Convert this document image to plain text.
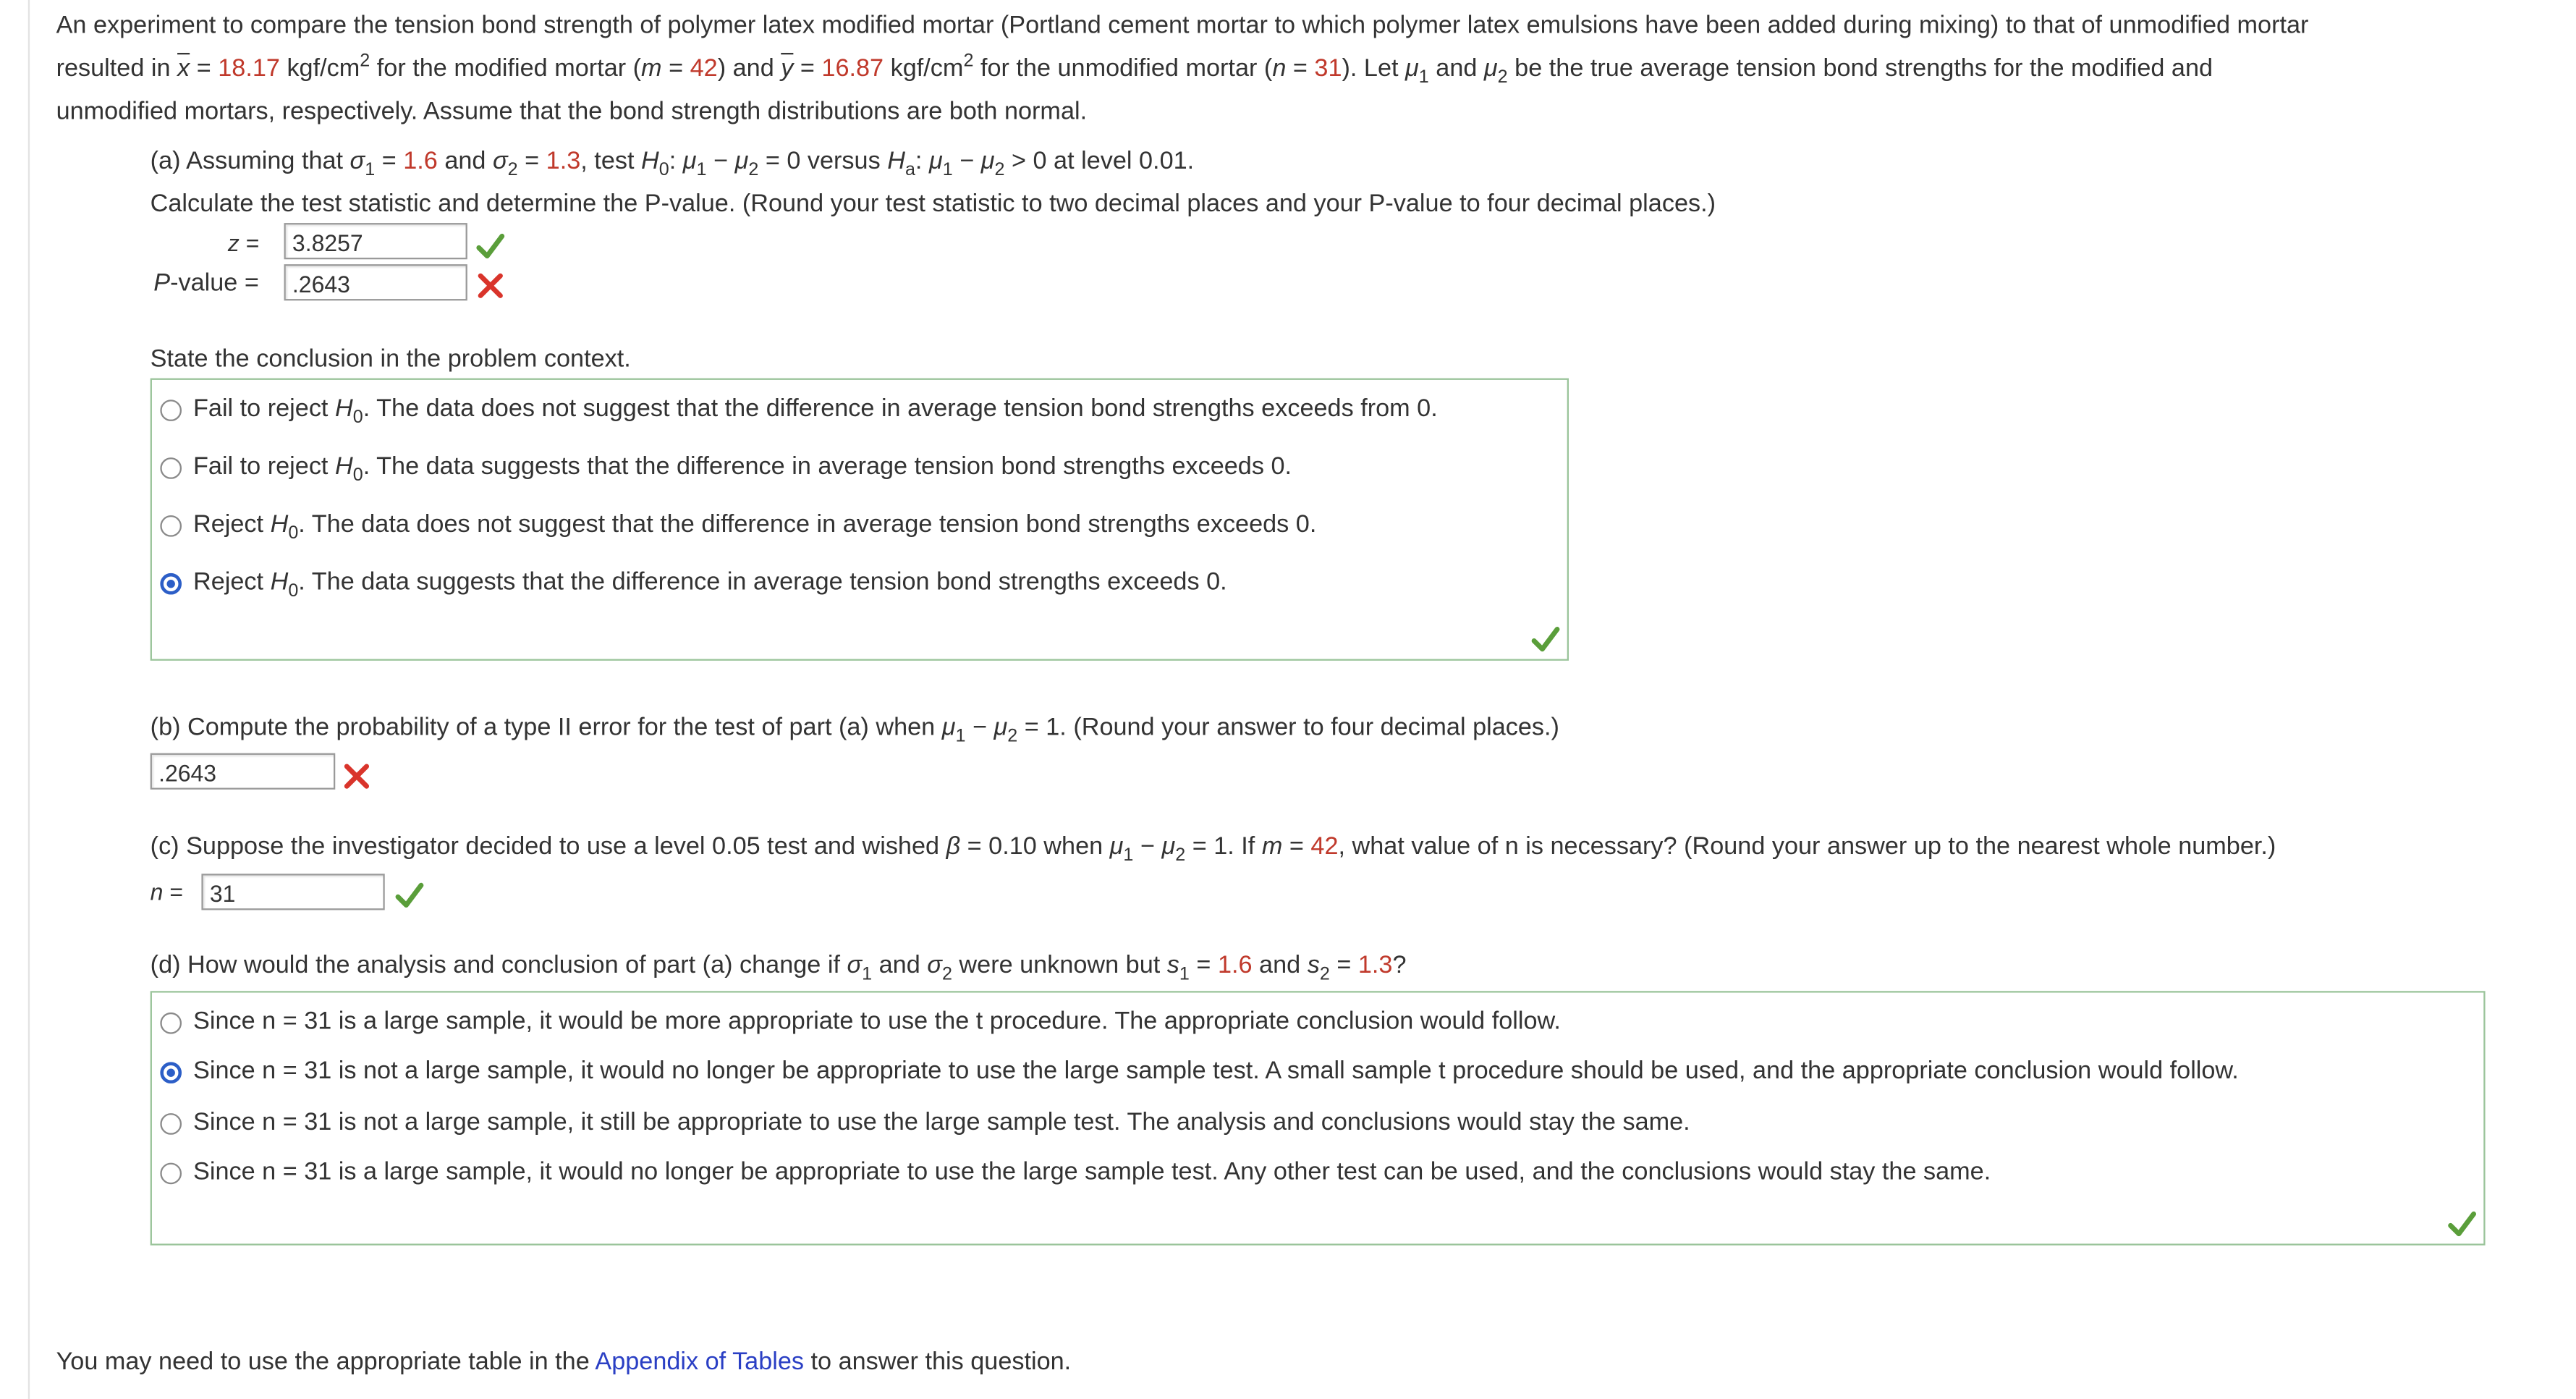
An experiment to compare the tension bond strength of polymer latex modified mortar (Portland cement mortar to which polymer latex emulsions have been added during mixing) to that of unmodified mortar
resulted in $\overline{x} = 18.17$ kgf/$cm^2$ for the modified mortar (m = 42) and $\overline{y} = 16.87$ kgf/$cm^2$ for the unmodified mortar (n = 31). Let $\mu_1$ and $\mu_2$ be the true average tension bond strengths for the modified and
unmodified mortars, respectively. Assume that the bond strength distributions are both normal.
(a) Assuming that $\sigma_1 = 1.6$ and $\sigma_2 = 1.3$, test $H_0$: $\mu_1 - \mu_2 = 0$ versus $H_a$: $\mu_1 - \mu_2 > 0$ at level 0.01.
Calculate the test statistic and determine the P-value. (Round your test statistic to two decimal places and your P-value to four decimal places.)
z =	3.8257
P-value =	.2643
State the conclusion in the problem context.
Fail to reject $H_0$. The data does not suggest that the difference in average tension bond strengths exceeds from 0.
Fail to reject $H_0$. The data suggests that the difference in average tension bond strengths exceeds 0.
Reject $H_0$. The data does not suggest that the difference in average tension bond strengths exceeds 0.
Reject $H_0$. The data suggests that the difference in average tension bond strengths exceeds 0.
(b) Compute the probability of a type II error for the test of part (a) when $\mu_1 - \mu_2 = 1$. (Round your answer to four decimal places.)
.2643
(c) Suppose the investigator decided to use a level 0.05 test and wished β = 0.10 when $\mu_1 - \mu_2 = 1$. If m = 42, what value of n is necessary? (Round your answer up to the nearest whole number.)
n =	31
(d) How would the analysis and conclusion of part (a) change if $\sigma_1$ and $\sigma_2$ were unknown but $s_1 = 1.6$ and $s_2 = 1.3$?
Since n = 31 is a large sample, it would be more appropriate to use the t procedure. The appropriate conclusion would follow.
Since n = 31 is not a large sample, it would no longer be appropriate to use the large sample test. A small sample t procedure should be used, and the appropriate conclusion would follow.
Since n = 31 is not a large sample, it still be appropriate to use the large sample test. The analysis and conclusions would stay the same.
Since n = 31 is a large sample, it would no longer be appropriate to use the large sample test. Any other test can be used, and the conclusions would stay the same.
You may need to use the appropriate table in the Appendix of Tables to answer this question.
